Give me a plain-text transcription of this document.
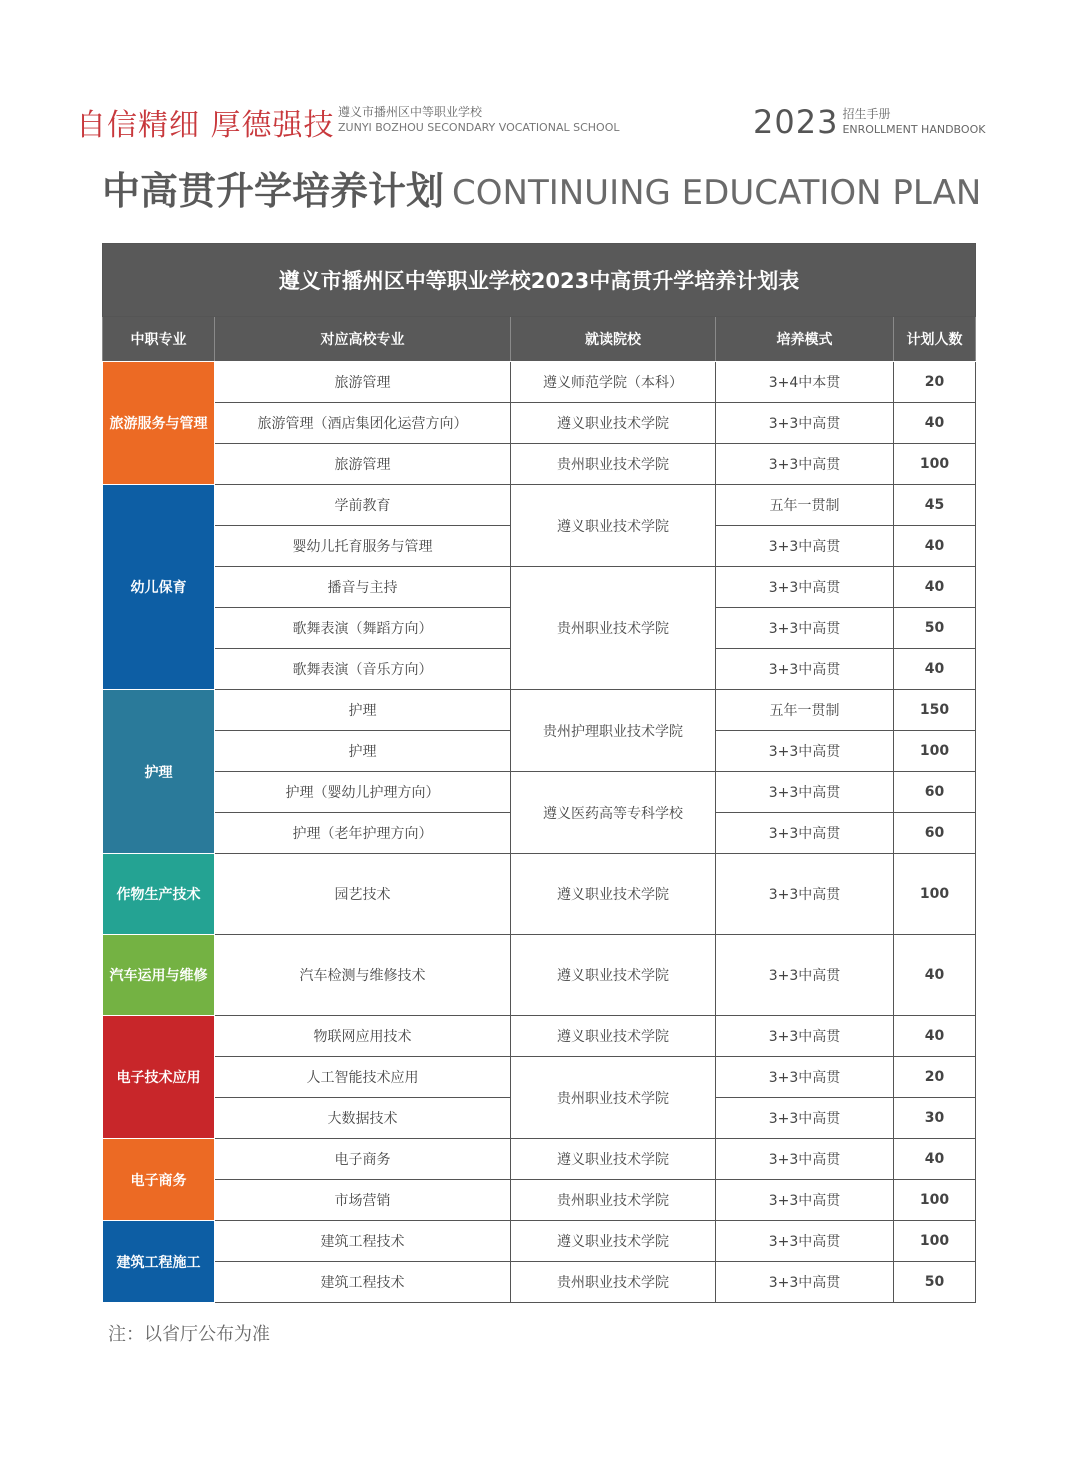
自信精细 厚德强技 遵义市播州区中等职业学校
ZUNYI BOZHOU SECONDARY VOCATIONAL SCHOOL	2023 招生手册
ENROLLMENT HANDBOOK
中高贯升学培养计划 CONTINUING EDUCATION PLAN
遵义市播州区中等职业学校2023中高贯升学培养计划表				
中职专业	对应高校专业	就读院校	培养模式	计划人数
旅游服务与管理	旅游管理	遵义师范学院（本科）	3+4中本贯	20
	旅游管理（酒店集团化运营方向）	遵义职业技术学院	3+3中高贯	40
	旅游管理	贵州职业技术学院	3+3中高贯	100
幼儿保育	学前教育	遵义职业技术学院	五年一贯制	45
	婴幼儿托育服务与管理		3+3中高贯	40
	播音与主持	贵州职业技术学院	3+3中高贯	40
	歌舞表演（舞蹈方向）		3+3中高贯	50
	歌舞表演（音乐方向）		3+3中高贯	40
护理	护理	贵州护理职业技术学院	五年一贯制	150
	护理		3+3中高贯	100
	护理（婴幼儿护理方向）	遵义医药高等专科学校	3+3中高贯	60
	护理（老年护理方向）		3+3中高贯	60
作物生产技术	园艺技术	遵义职业技术学院	3+3中高贯	100
汽车运用与维修	汽车检测与维修技术	遵义职业技术学院	3+3中高贯	40
电子技术应用	物联网应用技术	遵义职业技术学院	3+3中高贯	40
	人工智能技术应用	贵州职业技术学院	3+3中高贯	20
	大数据技术		3+3中高贯	30
电子商务	电子商务	遵义职业技术学院	3+3中高贯	40
	市场营销	贵州职业技术学院	3+3中高贯	100
建筑工程施工	建筑工程技术	遵义职业技术学院	3+3中高贯	100
	建筑工程技术	贵州职业技术学院	3+3中高贯	50
注：以省厅公布为准
